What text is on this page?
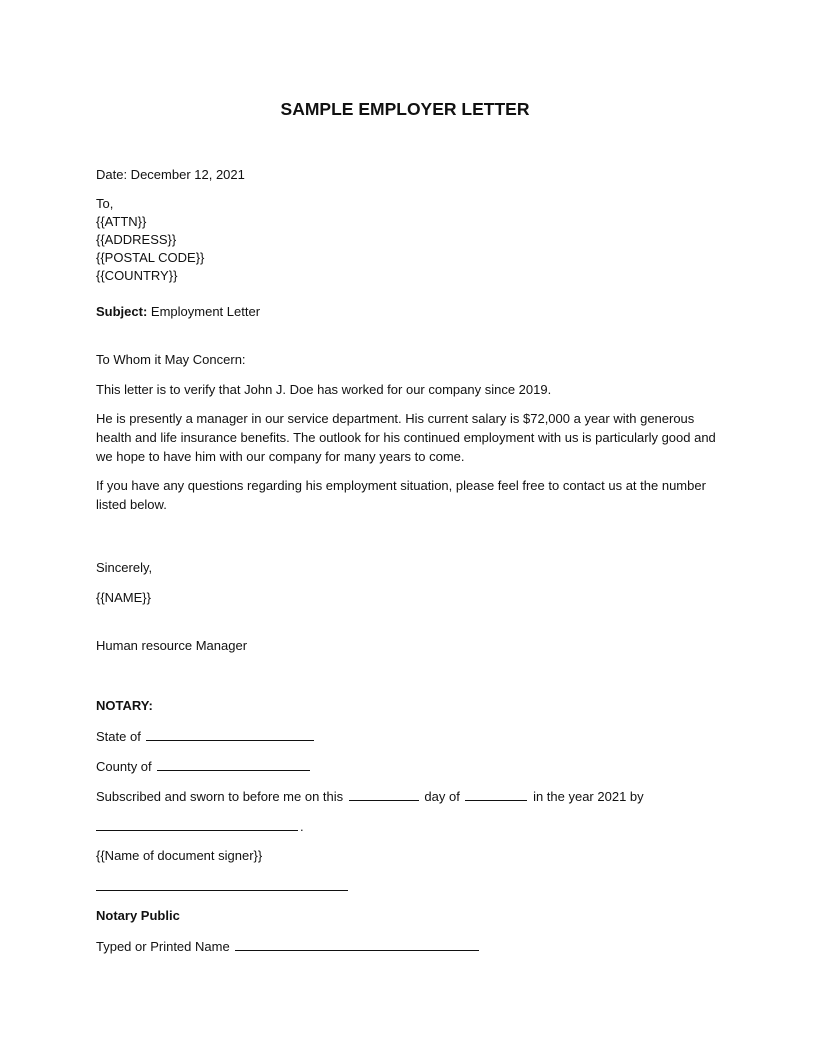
SAMPLE EMPLOYER LETTER
Date: December 12, 2021
To,
{{ATTN}}
{{ADDRESS}}
{{POSTAL CODE}}
{{COUNTRY}}
Subject: Employment Letter
To Whom it May Concern:

This letter is to verify that John J. Doe has worked for our company since 2019.

He is presently a manager in our service department. His current salary is $72,000 a year with generous health and life insurance benefits. The outlook for his continued employment with us is particularly good and we hope to have him with our company for many years to come.

If you have any questions regarding his employment situation, please feel free to contact us at the number listed below.

Sincerely,
{{NAME}}
Human resource Manager
NOTARY:
State of
County of
Subscribed and sworn to before me on this	day of	in the year 2021 by
.
{{Name of document signer}}
Notary Public
Typed or Printed Name
